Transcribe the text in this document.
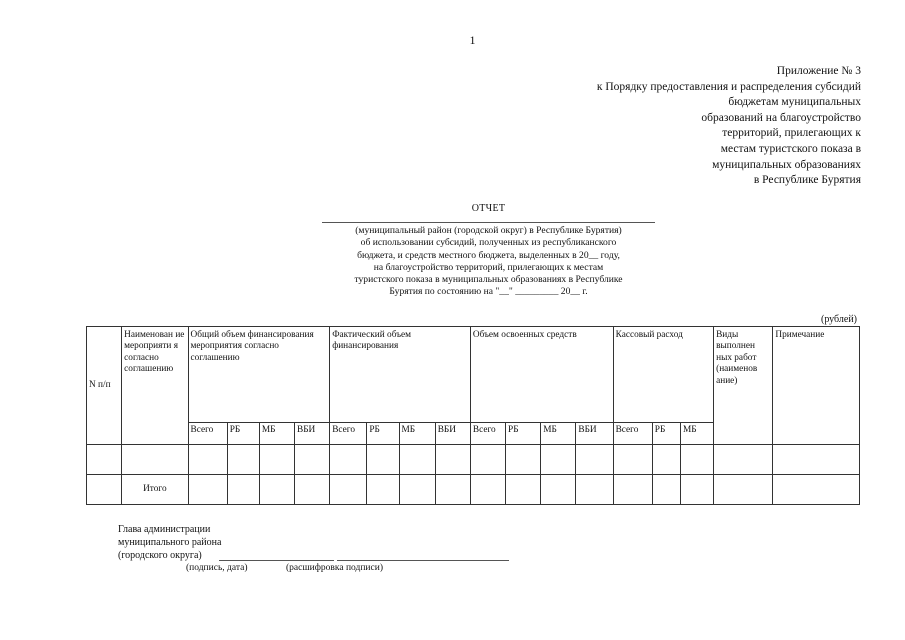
1
Приложение № 3
к Порядку предоставления и распределения субсидий
бюджетам муниципальных
образований на благоустройство
территорий, прилегающих к
местам туристского показа в
муниципальных образованиях
в Республике Бурятия
ОТЧЕТ
(муниципальный район (городской округ) в Республике Бурятия)
об использовании субсидий, полученных из республиканского
бюджета, и средств местного бюджета, выделенных в 20__ году,
на благоустройство территорий, прилегающих к местам
туристского показа в муниципальных образованиях в Республике
Бурятия по состоянию на "__" _________ 20__ г.
(рублей)
N п/п	Наименован ие мероприяти я согласно соглашению	Общий объем финансирования мероприятия согласно соглашению				Фактический объем финансирования				Объем освоенных средств				Кассовый расход			Виды выполнен ных работ (наименов ание)	Примечание
		Всего	РБ	МБ	ВБИ	Всего	РБ	МБ	ВБИ	Всего	РБ	МБ	ВБИ	Всего	РБ	МБ		

	Итого																	
Глава администрации
муниципального района
(городского округа)
(подпись, дата)	(расшифровка подписи)
